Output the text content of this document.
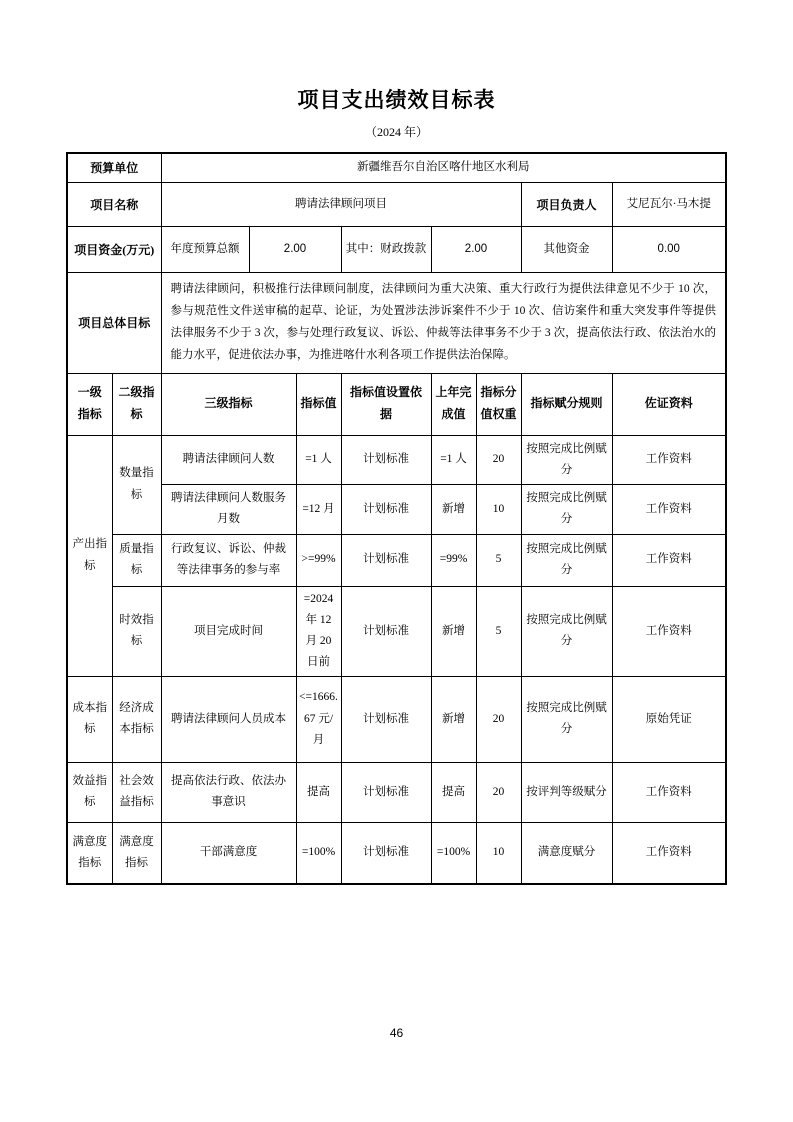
项目支出绩效目标表
（2024 年）
预算单位		新疆维吾尔自治区喀什地区水利局							
项目名称		聘请法律顾问项目						项目负责人	艾尼瓦尔·马木提
项目资金(万元)		年度预算总额	2.00		其中：财政拨款	2.00		其他资金	0.00
项目总体目标		聘请法律顾问，积极推行法律顾问制度，法律顾问为重大决策、重大行政行为提供法律意见不少于 10 次，参与规范性文件送审稿的起草、论证，为处置涉法涉诉案件不少于 10 次、信访案件和重大突发事件等提供法律服务不少于 3 次，参与处理行政复议、诉讼、仲裁等法律事务不少于 3 次，提高依法行政、依法治水的能力水平，促进依法办事，为推进喀什水利各项工作提供法治保障。							
一级指标	二级指标	三级指标		指标值	指标值设置依据	上年完成值	指标分值权重	指标赋分规则	佐证资料
产出指标	数量指标	聘请法律顾问人数		=1 人	计划标准	=1 人	20	按照完成比例赋分	工作资料
		聘请法律顾问人数服务月数		=12 月	计划标准	新增	10	按照完成比例赋分	工作资料
	质量指标	行政复议、诉讼、仲裁等法律事务的参与率		>=99%	计划标准	=99%	5	按照完成比例赋分	工作资料
	时效指标	项目完成时间		=2024 年 12 月 20 日前	计划标准	新增	5	按照完成比例赋分	工作资料
成本指标	经济成本指标	聘请法律顾问人员成本		<=1666.67 元/月	计划标准	新增	20	按照完成比例赋分	原始凭证
效益指标	社会效益指标	提高依法行政、依法办事意识		提高	计划标准	提高	20	按评判等级赋分	工作资料
满意度指标	满意度指标	干部满意度		=100%	计划标准	=100%	10	满意度赋分	工作资料
46
